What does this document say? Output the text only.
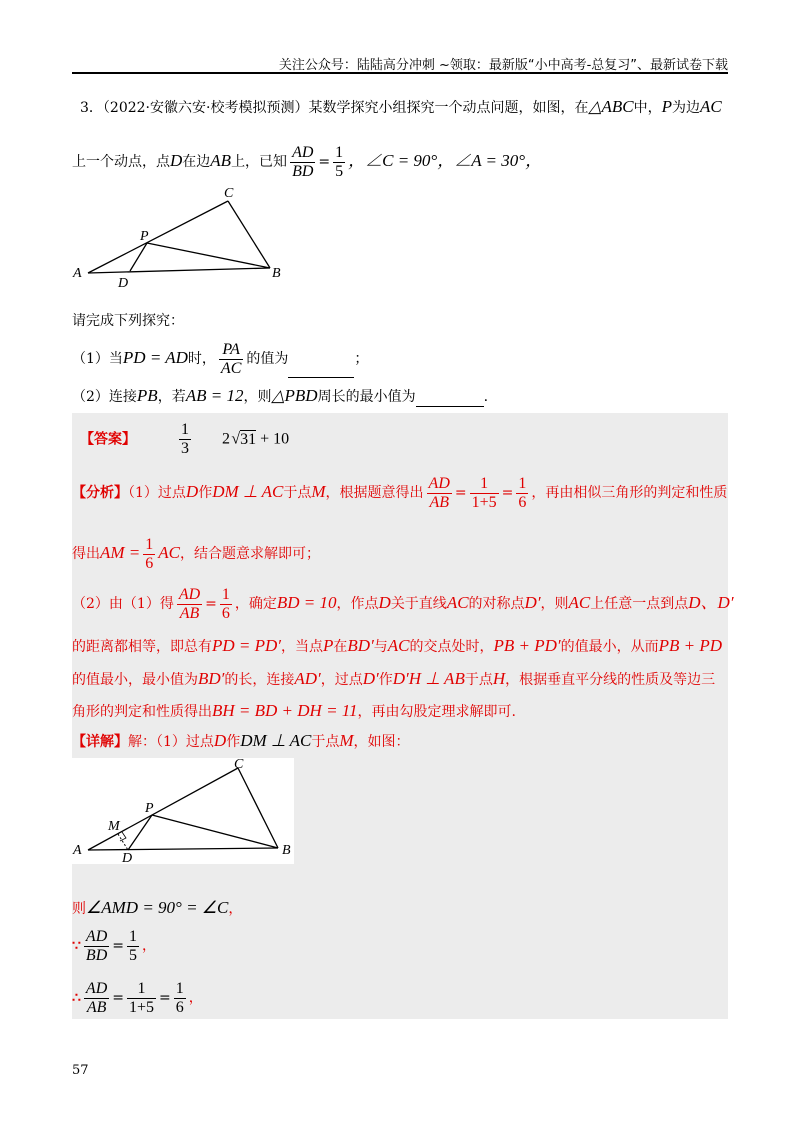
关注公众号：陆陆高分冲刺 ~领取：最新版“小中高考-总复习”、最新试卷下载
3．（2022·安徽六安·校考模拟预测）某数学探究小组探究一个动点问题，如图，在△ABC中，P为边AC
上一个动点，点D在边AB上，已知 $\frac{AD}{BD} = \frac{1}{5}$ ，∠C = 90°，∠A = 30°，
A
D
P
C
B
请完成下列探究：
（1）当PD = AD时， $\frac{PA}{AC}$ 的值为	；
（2）连接PB，若AB = 12，则△PBD周长的最小值为	.
【答案】	$\frac{1}{3} 2$ √31 + 10
【分析】（1）过点D作DM ⊥ AC于点M，根据题意得出 $\frac{AD}{AB} = \frac{1}{1+5} = \frac{1}{6}$ ，再由相似三角形的判定和性质
得出AM = $\frac{1}{6}$ AC，结合题意求解即可；
（2）由（1）得 $\frac{AD}{AB} = \frac{1}{6}$ ，确定BD = 10，作点D关于直线AC的对称点D′，则AC上任意一点到点D、D′
的距离都相等，即总有PD = PD′，当点P在BD′与AC的交点处时，PB + PD′的值最小，从而PB + PD
的值最小，最小值为BD′的长，连接AD′，过点D′作D′H ⊥ AB于点H，根据垂直平分线的性质及等边三
角形的判定和性质得出BH = BD + DH = 11，再由勾股定理求解即可.
【详解】解：（1）过点D作DM ⊥ AC于点M，如图：
A
M
D
P
C
B
则∠AMD = 90° = ∠C，
∵ $\frac{AD}{BD} = \frac{1}{5}$ ，
∴ $\frac{AD}{AB} = \frac{1}{1+5} = \frac{1}{6}$ ，
57
